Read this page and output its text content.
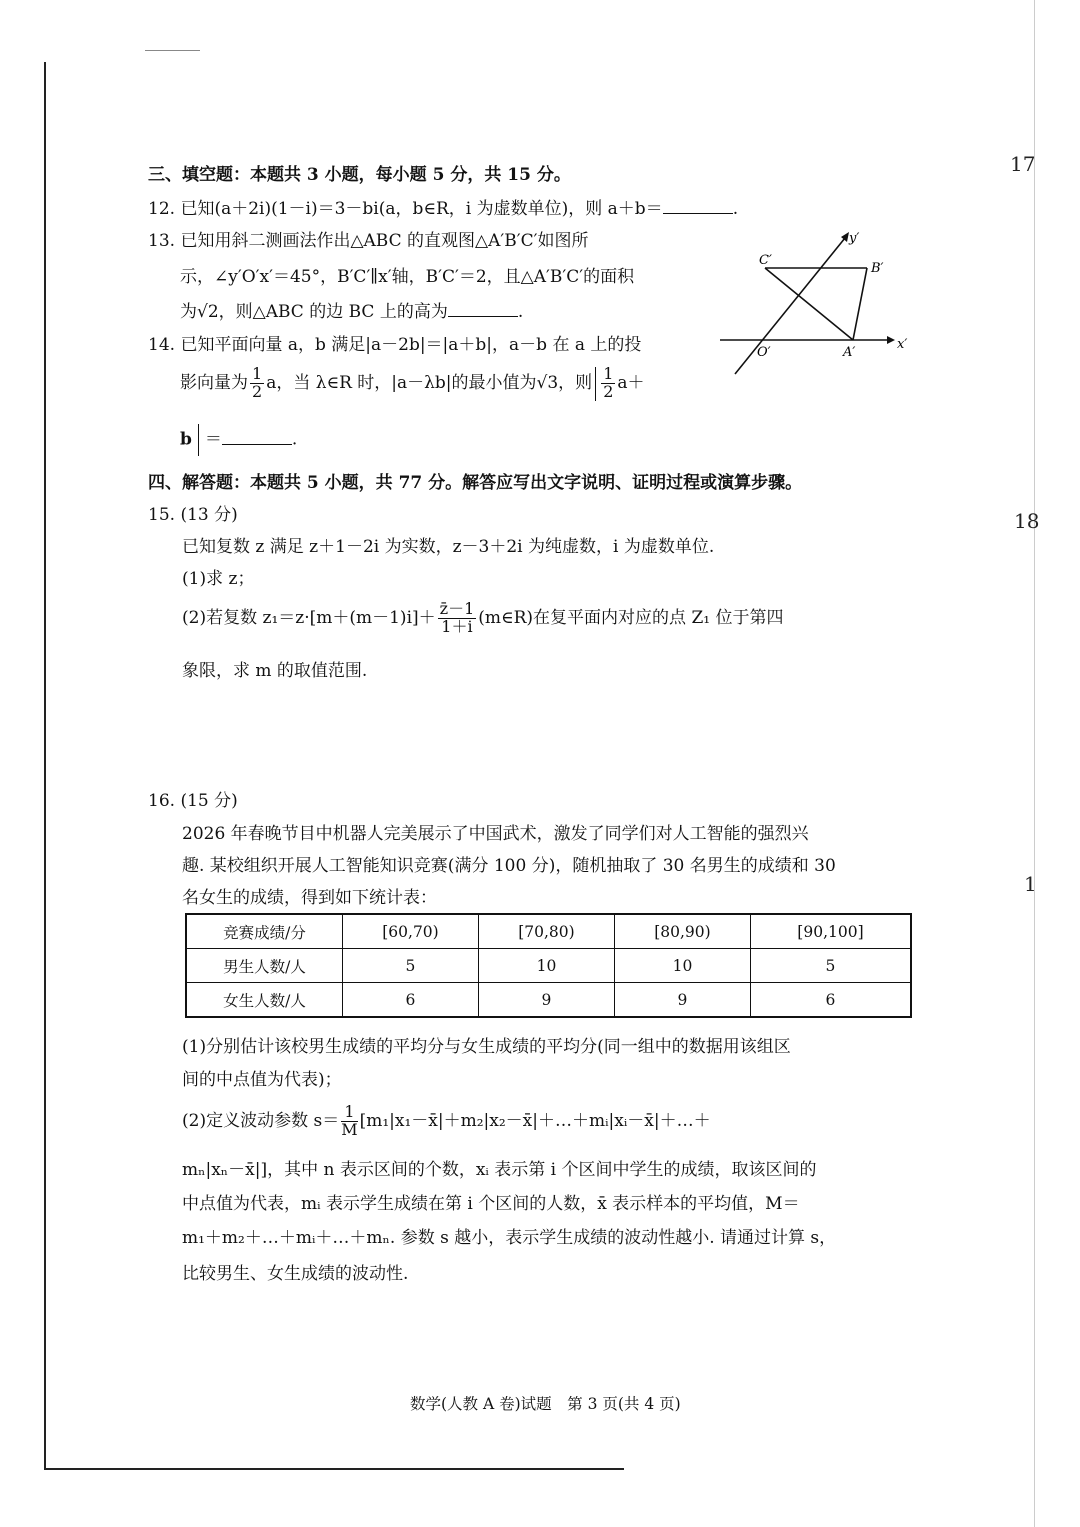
17
18
1
三、填空题：本题共 3 小题，每小题 5 分，共 15 分。
12. 已知(a＋2i)(1－i)＝3－bi(a，b∈R，i 为虚数单位)，则 a＋b＝	.
13. 已知用斜二测画法作出△ABC 的直观图△A′B′C′如图所
示，∠y′O′x′＝45°，B′C′∥x′轴，B′C′＝2，且△A′B′C′的面积
为√2，则△ABC 的边 BC 上的高为	.
y′
C′
B′
O′	A′
x′
14. 已知平面向量 a，b 满足|a－2b|＝|a＋b|，a－b 在 a 上的投
影向量为 $\frac{1}{2}$ a，当 λ∈R 时，|a－λb|的最小值为√3，则 $\frac{1}{2} a+$
b ＝	.
四、解答题：本题共 5 小题，共 77 分。解答应写出文字说明、证明过程或演算步骤。
15. (13 分)
已知复数 z 满足 z＋1－2i 为实数，z－3＋2i 为纯虚数，i 为虚数单位.
(1)求 z；
(2)若复数 $z_1=z\cdot[m+(m-1)i]+ \frac{z̄-1}{1+i}$ (m∈R)在复平面内对应的点 Z₁ 位于第四
象限，求 m 的取值范围.
16. (15 分)
2026 年春晚节目中机器人完美展示了中国武术，激发了同学们对人工智能的强烈兴
趣. 某校组织开展人工智能知识竞赛(满分 100 分)，随机抽取了 30 名男生的成绩和 30
名女生的成绩，得到如下统计表：
竞赛成绩/分	[60,70)	[70,80)	[80,90)	[90,100]
男生人数/人	5	10	10	5
女生人数/人	6	9	9	6
(1)分别估计该校男生成绩的平均分与女生成绩的平均分(同一组中的数据用该组区
间的中点值为代表)；
(2)定义波动参数 $s= \frac{1}{M}$ [m₁|x₁－x̄|＋m₂|x₂－x̄|＋…＋mᵢ|xᵢ－x̄|＋…＋
mₙ|xₙ－x̄|]，其中 n 表示区间的个数，xᵢ 表示第 i 个区间中学生的成绩，取该区间的
中点值为代表，mᵢ 表示学生成绩在第 i 个区间的人数，x̄ 表示样本的平均值，M＝
m₁＋m₂＋…＋mᵢ＋…＋mₙ. 参数 s 越小，表示学生成绩的波动性越小. 请通过计算 s，
比较男生、女生成绩的波动性.
数学(人教 A 卷)试题　第 3 页(共 4 页)
